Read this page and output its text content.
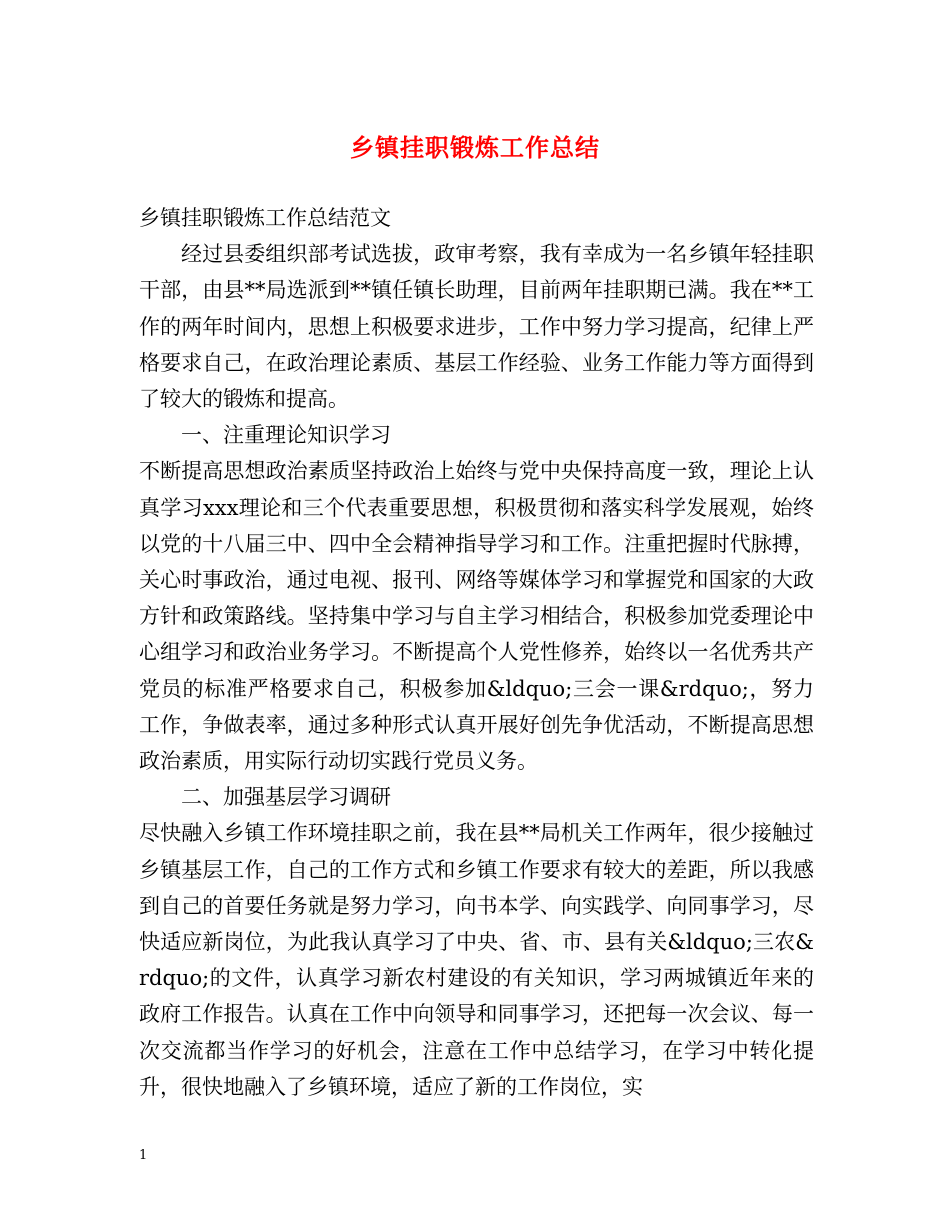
乡镇挂职锻炼工作总结

乡镇挂职锻炼工作总结范文

经过县委组织部考试选拔，政审考察，我有幸成为一名乡镇年轻挂职干部，由县**局选派到**镇任镇长助理，目前两年挂职期已满。我在**工作的两年时间内，思想上积极要求进步，工作中努力学习提高，纪律上严格要求自己，在政治理论素质、基层工作经验、业务工作能力等方面得到了较大的锻炼和提高。

一、注重理论知识学习

不断提高思想政治素质坚持政治上始终与党中央保持高度一致，理论上认真学习xxx理论和三个代表重要思想，积极贯彻和落实科学发展观，始终以党的十八届三中、四中全会精神指导学习和工作。注重把握时代脉搏，关心时事政治，通过电视、报刊、网络等媒体学习和掌握党和国家的大政方针和政策路线。坚持集中学习与自主学习相结合，积极参加党委理论中心组学习和政治业务学习。不断提高个人党性修养，始终以一名优秀共产党员的标准严格要求自己，积极参加&ldquo;三会一课&rdquo;，努力工作，争做表率，通过多种形式认真开展好创先争优活动，不断提高思想政治素质，用实际行动切实践行党员义务。

二、加强基层学习调研

尽快融入乡镇工作环境挂职之前，我在县**局机关工作两年，很少接触过乡镇基层工作，自己的工作方式和乡镇工作要求有较大的差距，所以我感到自己的首要任务就是努力学习，向书本学、向实践学、向同事学习，尽快适应新岗位，为此我认真学习了中央、省、市、县有关&ldquo;三农&rdquo;的文件，认真学习新农村建设的有关知识，学习两城镇近年来的政府工作报告。认真在工作中向领导和同事学习，还把每一次会议、每一次交流都当作学习的好机会，注意在工作中总结学习，在学习中转化提升，很快地融入了乡镇环境，适应了新的工作岗位，实

1
